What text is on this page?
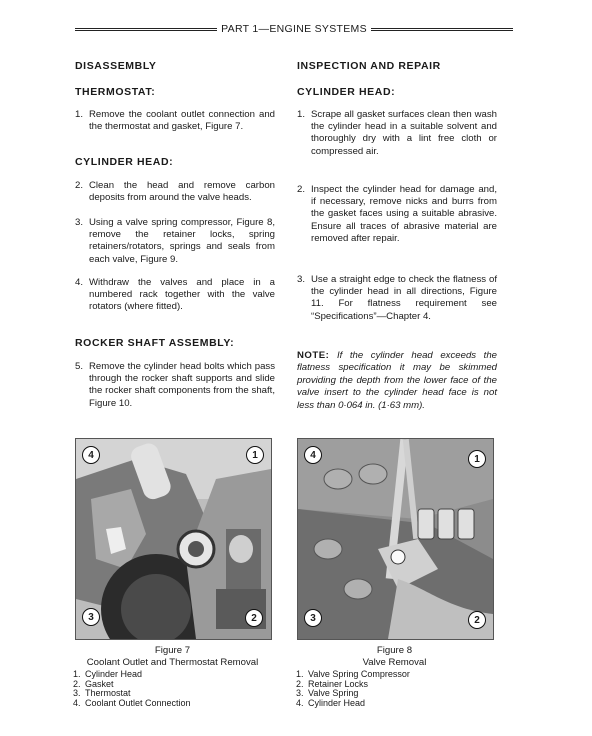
PART 1—ENGINE SYSTEMS
DISASSEMBLY
THERMOSTAT:
1. Remove the coolant outlet connection and the thermostat and gasket, Figure 7.
CYLINDER HEAD:
2. Clean the head and remove carbon deposits from around the valve heads.
3. Using a valve spring compressor, Figure 8, remove the retainer locks, spring retainers/rotators, springs and seals from each valve, Figure 9.
4. Withdraw the valves and place in a numbered rack together with the valve rotators (where fitted).
ROCKER SHAFT ASSEMBLY:
5. Remove the cylinder head bolts which pass through the rocker shaft supports and slide the rocker shaft components from the shaft, Figure 10.
INSPECTION AND REPAIR
CYLINDER HEAD:
1. Scrape all gasket surfaces clean then wash the cylinder head in a suitable solvent and thoroughly dry with a lint free cloth or compressed air.
2. Inspect the cylinder head for damage and, if necessary, remove nicks and burrs from the gasket faces using a suitable abrasive. Ensure all traces of abrasive material are removed after repair.
3. Use a straight edge to check the flatness of the cylinder head in all directions, Figure 11. For flatness requirement see “Specifications”—Chapter 4.
NOTE: If the cylinder head exceeds the flatness specification it may be skimmed providing the depth from the lower face of the valve insert to the cylinder head face is not less than 0·064 in. (1·63 mm).
4	1
3	2
Figure 7
Coolant Outlet and Thermostat Removal
1. Cylinder Head
2. Gasket
3. Thermostat
4. Coolant Outlet Connection
4	1
3	2
Figure 8
Valve Removal
1. Valve Spring Compressor
2. Retainer Locks
3. Valve Spring
4. Cylinder Head
